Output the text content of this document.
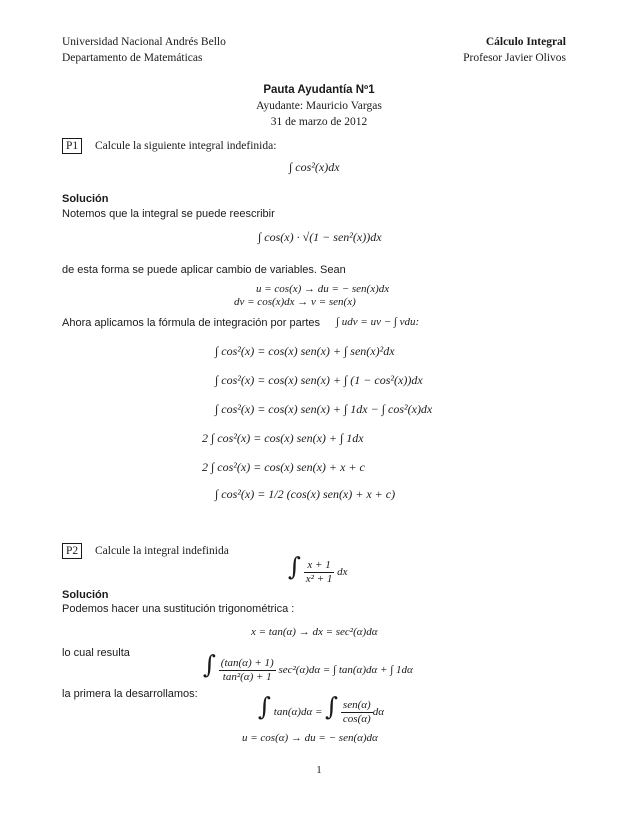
Universidad Nacional Andrés Bello
Departamento de Matemáticas
Cálculo Integral
Profesor Javier Olivos
Pauta Ayudantía Nº1
Ayudante: Mauricio Vargas
31 de marzo de 2012
P1	Calcule la siguiente integral indefinida:
∫ cos²(x)dx
Solución
Notemos que la integral se puede reescribir
∫ cos(x) · √(1 − sen²(x))dx
de esta forma se puede aplicar cambio de variables. Sean
u = cos(x) → du = − sen(x)dx
dv = cos(x)dx → v = sen(x)
Ahora aplicamos la fórmula de integración por partes ∫ udv = uv − ∫ vdu:
∫ cos²(x) = cos(x) sen(x) + ∫ sen(x)²dx
∫ cos²(x) = cos(x) sen(x) + ∫ (1 − cos²(x))dx
∫ cos²(x) = cos(x) sen(x) + ∫ 1dx − ∫ cos²(x)dx
2 ∫ cos²(x) = cos(x) sen(x) + ∫ 1dx
2 ∫ cos²(x) = cos(x) sen(x) + x + c
∫ cos²(x) = 1/2 (cos(x) sen(x) + x + c)
P2	Calcule la integral indefinida
∫ $\frac{x + 1}{\text{x² + 1}}$ dx
Solución
Podemos hacer una sustitución trigonométrica :
x = tan(α) → dx = sec²(α)dα
lo cual resulta	∫ $\frac{(\tan(\alpha) + 1)}{\text{tan²(α) + 1}} \sec^2(\alpha)d\alpha$ = ∫ tan(α)dα + ∫ 1dα
la primera la desarrollamos: ∫ tan(α)dα = ∫ $\frac{\text{sen(α)}}{\cos(\alpha)}$ dα
u = cos(α) → du = − sen(α)dα
1
